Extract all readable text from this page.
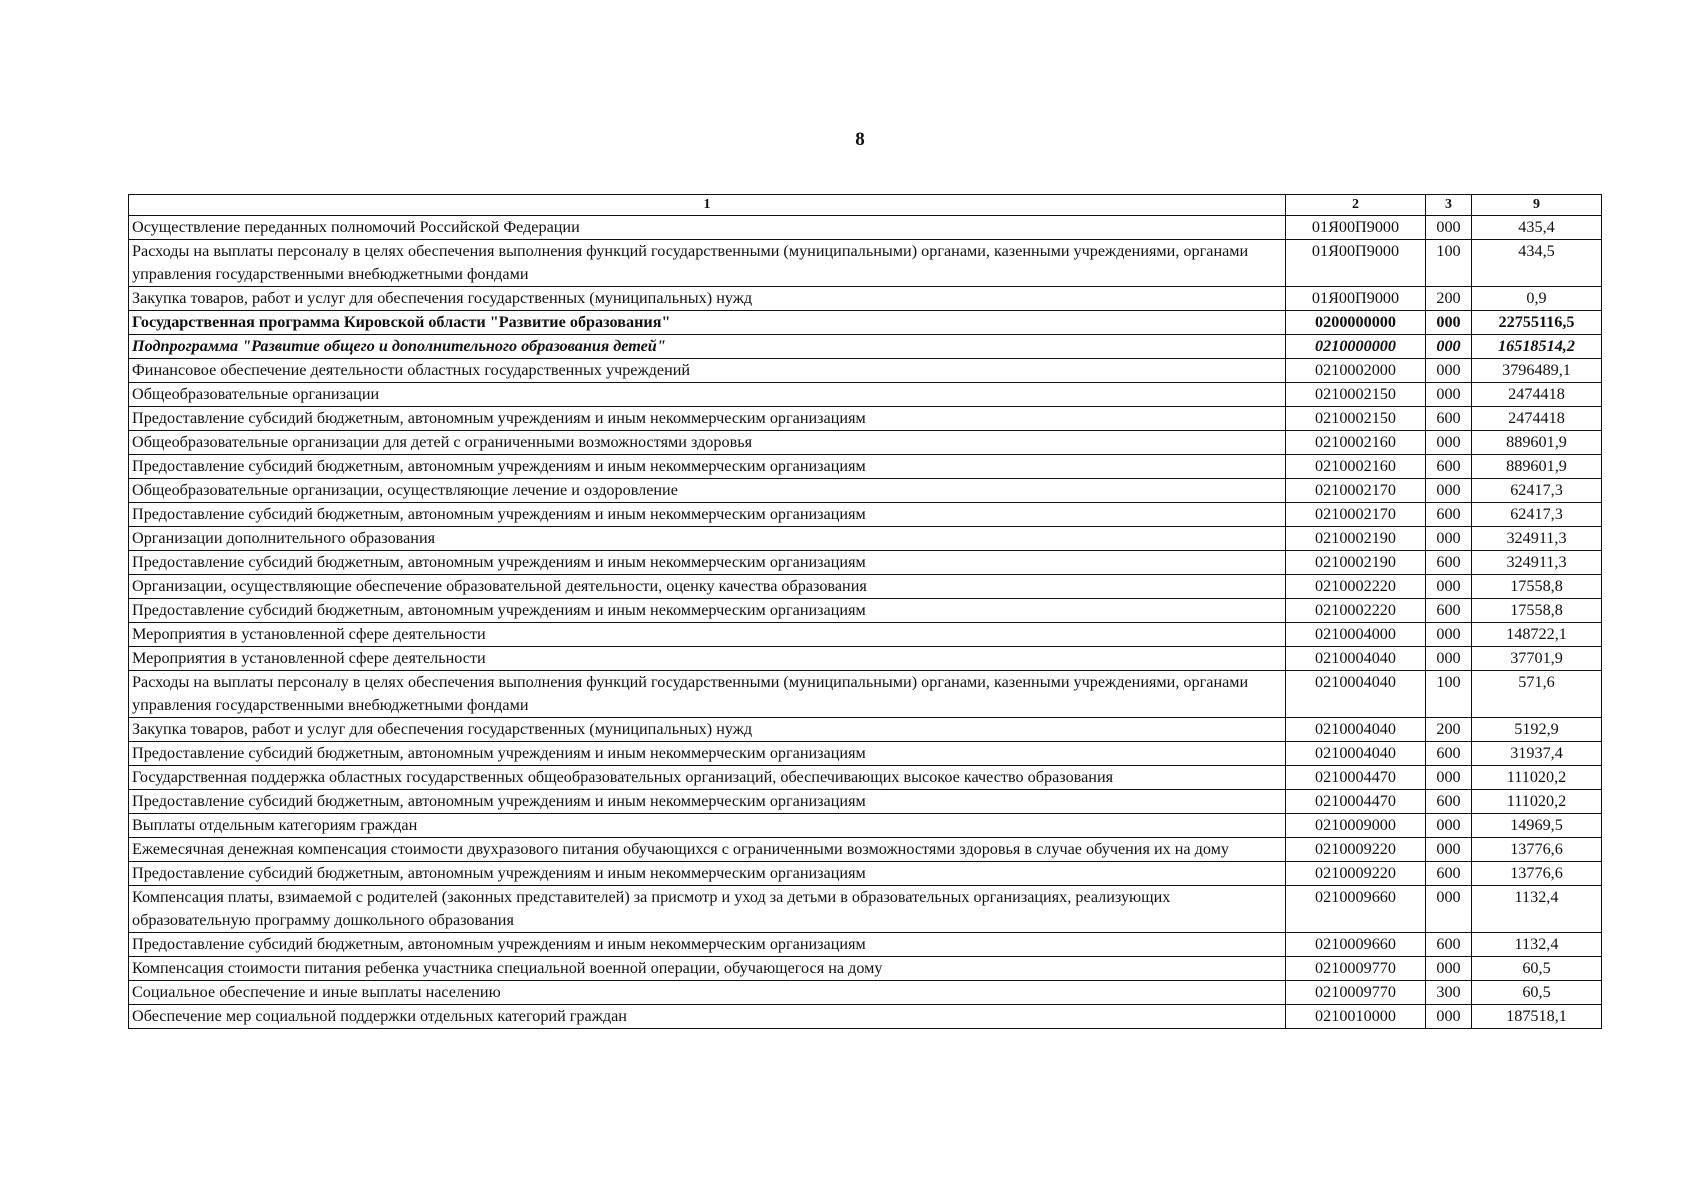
8
1	2	3	9
Осуществление переданных полномочий Российской Федерации	01Я00П9000	000	435,4
Расходы на выплаты персоналу в целях обеспечения выполнения функций государственными (муниципальными) органами, казенными учреждениями, органами управления государственными внебюджетными фондами	01Я00П9000	100	434,5
Закупка товаров, работ и услуг для обеспечения государственных (муниципальных) нужд	01Я00П9000	200	0,9
Государственная программа Кировской области "Развитие образования"	0200000000	000	22755116,5
Подпрограмма "Развитие общего и дополнительного образования детей"	0210000000	000	16518514,2
Финансовое обеспечение деятельности областных государственных учреждений	0210002000	000	3796489,1
Общеобразовательные организации	0210002150	000	2474418
Предоставление субсидий бюджетным, автономным учреждениям и иным некоммерческим организациям	0210002150	600	2474418
Общеобразовательные организации для детей с ограниченными возможностями здоровья	0210002160	000	889601,9
Предоставление субсидий бюджетным, автономным учреждениям и иным некоммерческим организациям	0210002160	600	889601,9
Общеобразовательные организации, осуществляющие лечение и оздоровление	0210002170	000	62417,3
Предоставление субсидий бюджетным, автономным учреждениям и иным некоммерческим организациям	0210002170	600	62417,3
Организации дополнительного образования	0210002190	000	324911,3
Предоставление субсидий бюджетным, автономным учреждениям и иным некоммерческим организациям	0210002190	600	324911,3
Организации, осуществляющие обеспечение образовательной деятельности, оценку качества образования	0210002220	000	17558,8
Предоставление субсидий бюджетным, автономным учреждениям и иным некоммерческим организациям	0210002220	600	17558,8
Мероприятия в установленной сфере деятельности	0210004000	000	148722,1
Мероприятия в установленной сфере деятельности	0210004040	000	37701,9
Расходы на выплаты персоналу в целях обеспечения выполнения функций государственными (муниципальными) органами, казенными учреждениями, органами управления государственными внебюджетными фондами	0210004040	100	571,6
Закупка товаров, работ и услуг для обеспечения государственных (муниципальных) нужд	0210004040	200	5192,9
Предоставление субсидий бюджетным, автономным учреждениям и иным некоммерческим организациям	0210004040	600	31937,4
Государственная поддержка областных государственных общеобразовательных организаций, обеспечивающих высокое качество образования	0210004470	000	111020,2
Предоставление субсидий бюджетным, автономным учреждениям и иным некоммерческим организациям	0210004470	600	111020,2
Выплаты отдельным категориям граждан	0210009000	000	14969,5
Ежемесячная денежная компенсация стоимости двухразового питания обучающихся с ограниченными возможностями здоровья в случае обучения их на дому	0210009220	000	13776,6
Предоставление субсидий бюджетным, автономным учреждениям и иным некоммерческим организациям	0210009220	600	13776,6
Компенсация платы, взимаемой с родителей (законных представителей) за присмотр и уход за детьми в образовательных организациях, реализующих образовательную программу дошкольного образования	0210009660	000	1132,4
Предоставление субсидий бюджетным, автономным учреждениям и иным некоммерческим организациям	0210009660	600	1132,4
Компенсация стоимости питания ребенка участника специальной военной операции, обучающегося на дому	0210009770	000	60,5
Социальное обеспечение и иные выплаты населению	0210009770	300	60,5
Обеспечение мер социальной поддержки отдельных категорий граждан	0210010000	000	187518,1
